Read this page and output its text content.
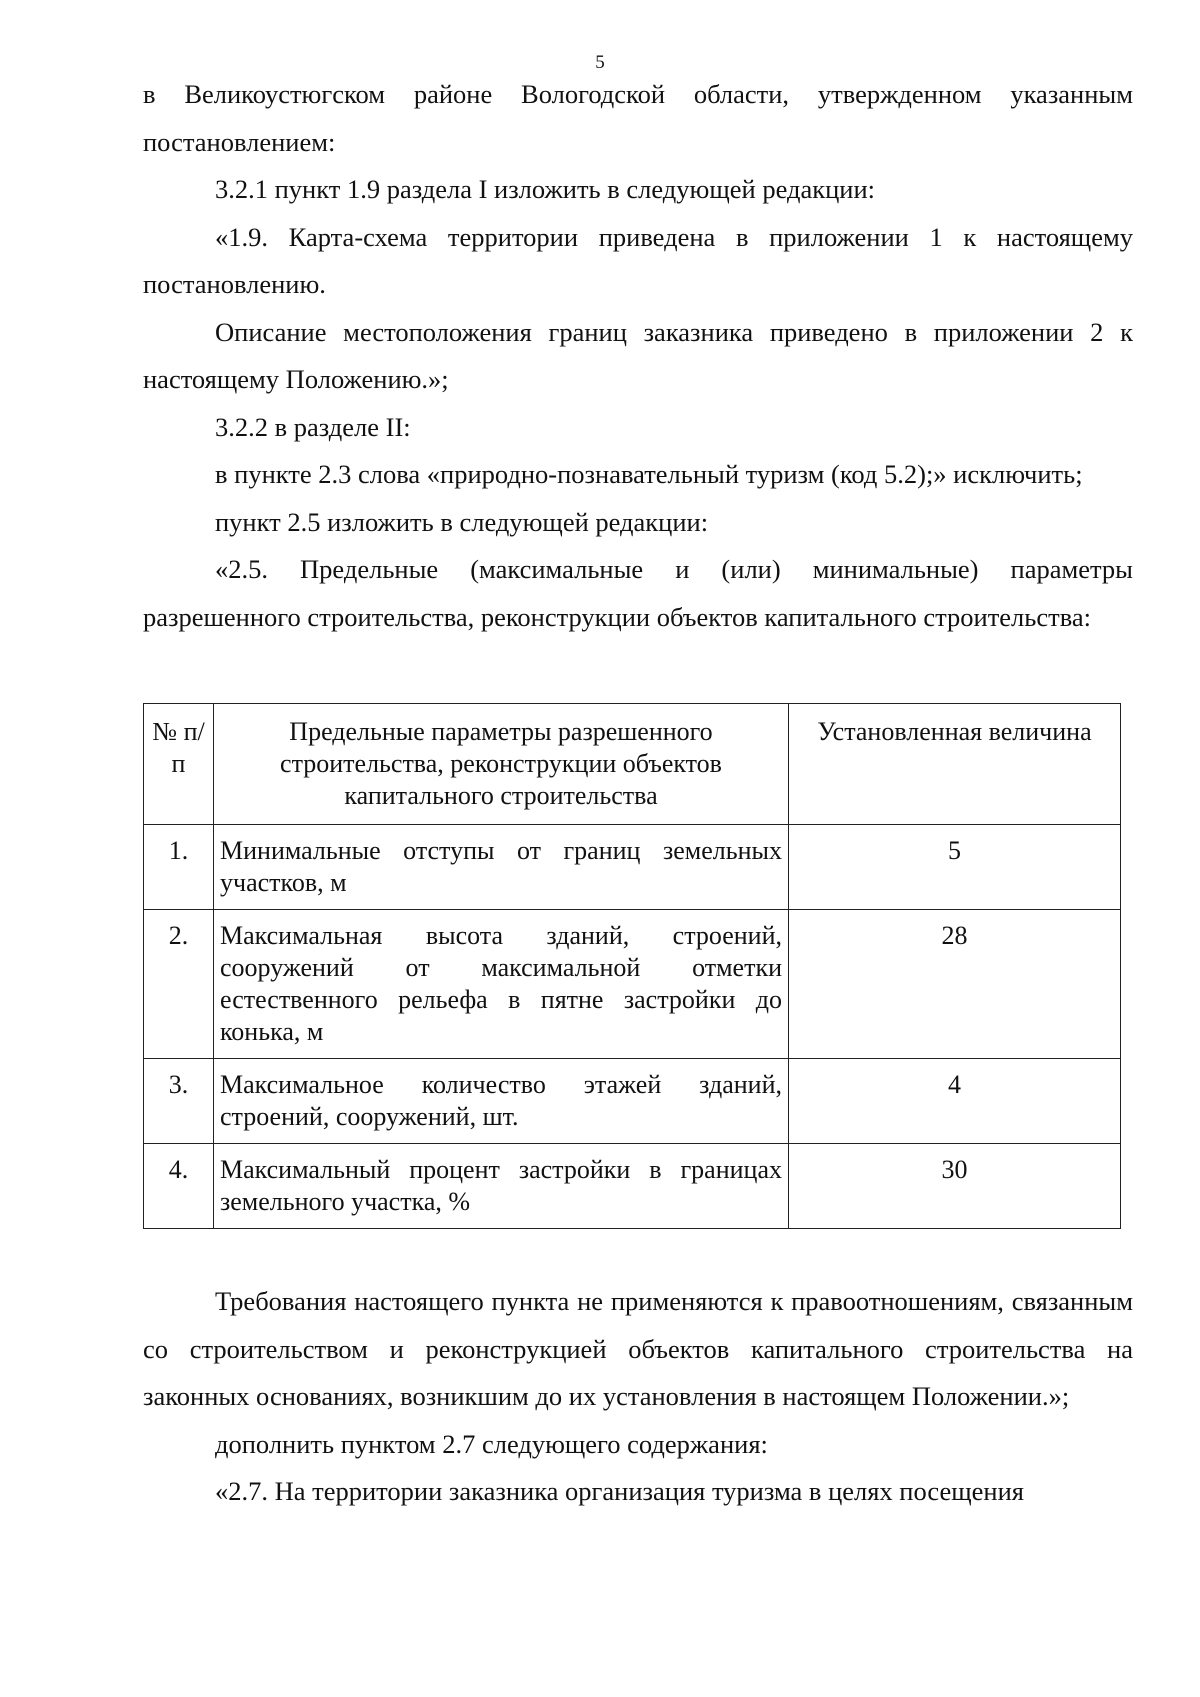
5

в Великоустюгском районе Вологодской области, утвержденном указанным постановлением:

3.2.1 пункт 1.9 раздела I изложить в следующей редакции:

«1.9. Карта-схема территории приведена в приложении 1 к настоящему постановлению.

Описание местоположения границ заказника приведено в приложении 2 к настоящему Положению.»;

3.2.2 в разделе II:

в пункте 2.3 слова «природно-познавательный туризм (код 5.2);» исключить;

пункт 2.5 изложить в следующей редакции:

«2.5. Предельные (максимальные и (или) минимальные) параметры разрешенного строительства, реконструкции объектов капитального строительства:

№ п/п	Предельные параметры разрешенного строительства, реконструкции объектов капитального строительства	Установленная величина
1.	Минимальные отступы от границ земельных участков, м	5
2.	Максимальная высота зданий, строений, сооружений от максимальной отметки естественного рельефа в пятне застройки до конька, м	28
3.	Максимальное количество этажей зданий, строений, сооружений, шт.	4
4.	Максимальный процент застройки в границах земельного участка, %	30

Требования настоящего пункта не применяются к правоотношениям, связанным со строительством и реконструкцией объектов капитального строительства на законных основаниях, возникшим до их установления в настоящем Положении.»;

дополнить пунктом 2.7 следующего содержания:

«2.7. На территории заказника организация туризма в целях посещения
